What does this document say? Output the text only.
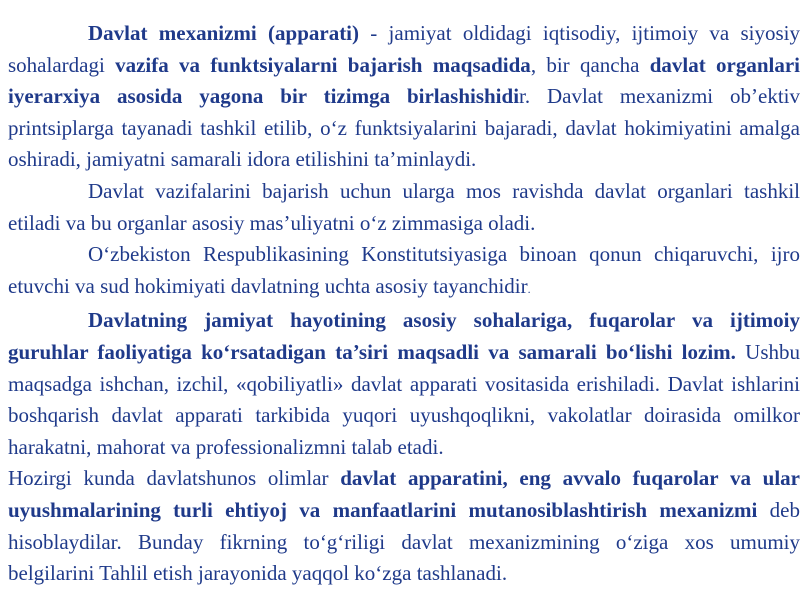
Davlat mexanizmi (apparati) - jamiyat oldidagi iqtisodiy, ijtimoiy va siyosiy sohalardagi vazifa va funktsiyalarni bajarish maqsadida, bir qancha davlat organlari iyerarxiya asosida yagona bir tizimga birlashishidir. Davlat mexanizmi ob’ektiv printsiplarga tayanadi tashkil etilib, o‘z funktsiyalarini bajaradi, davlat hokimiyatini amalga oshiradi, jamiyatni samarali idora etilishini ta’minlaydi.

Davlat vazifalarini bajarish uchun ularga mos ravishda davlat organlari tashkil etiladi va bu organlar asosiy mas’uliyatni o‘z zimmasiga oladi.

O‘zbekiston Respublikasining Konstitutsiyasiga binoan qonun chiqaruvchi, ijro etuvchi va sud hokimiyati davlatning uchta asosiy tayanchidir.

Davlatning jamiyat hayotining asosiy sohalariga, fuqarolar va ijtimoiy guruhlar faoliyatiga ko‘rsatadigan ta’siri maqsadli va samarali bo‘lishi lozim. Ushbu maqsadga ishchan, izchil, «qobiliyatli» davlat apparati vositasida erishiladi. Davlat ishlarini boshqarish davlat apparati tarkibida yuqori uyushqoqlikni, vakolatlar doirasida omilkor harakatni, mahorat va professionalizmni talab etadi.

Hozirgi kunda davlatshunos olimlar davlat apparatini, eng avvalo fuqarolar va ular uyushmalarining turli ehtiyoj va manfaatlarini mutanosiblashtirish mexanizmi deb hisoblaydilar. Bunday fikrning to‘g‘riligi davlat mexanizmining o‘ziga xos umumiy belgilarini Tahlil etish jarayonida yaqqol ko‘zga tashlanadi.
